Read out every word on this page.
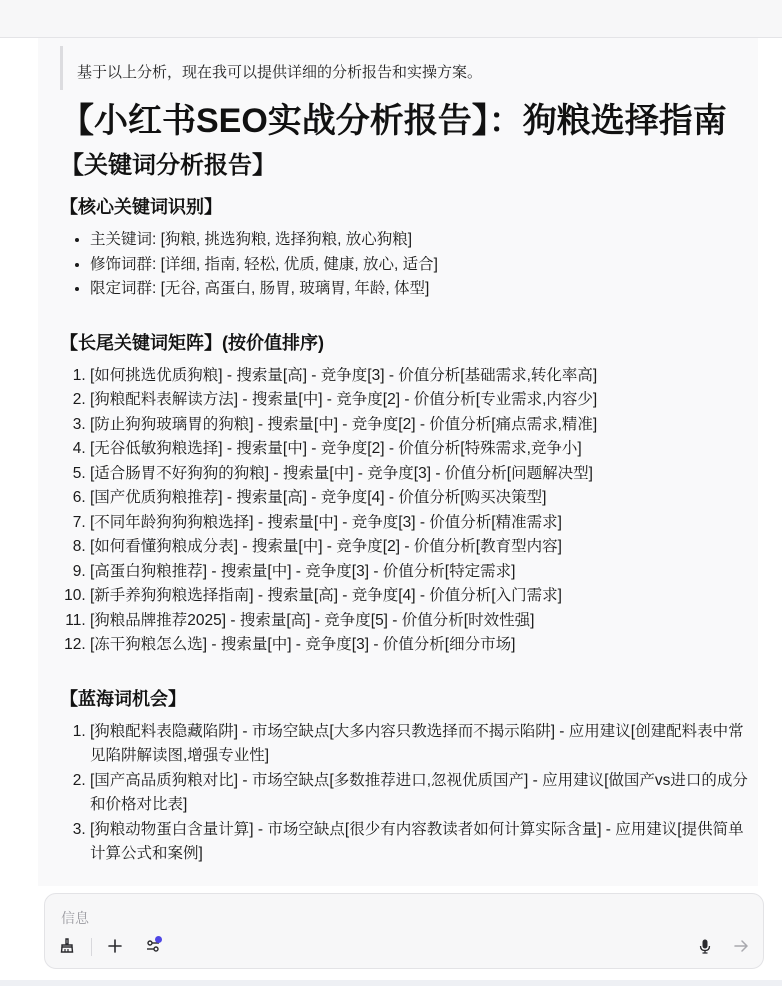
基于以上分析，现在我可以提供详细的分析报告和实操方案。
【小红书SEO实战分析报告】：狗粮选择指南
【关键词分析报告】
【核心关键词识别】
• 主关键词: [狗粮, 挑选狗粮, 选择狗粮, 放心狗粮]
• 修饰词群: [详细, 指南, 轻松, 优质, 健康, 放心, 适合]
• 限定词群: [无谷, 高蛋白, 肠胃, 玻璃胃, 年龄, 体型]
【长尾关键词矩阵】(按价值排序)
1. [如何挑选优质狗粮] - 搜索量[高] - 竞争度[3] - 价值分析[基础需求,转化率高]
2. [狗粮配料表解读方法] - 搜索量[中] - 竞争度[2] - 价值分析[专业需求,内容少]
3. [防止狗狗玻璃胃的狗粮] - 搜索量[中] - 竞争度[2] - 价值分析[痛点需求,精准]
4. [无谷低敏狗粮选择] - 搜索量[中] - 竞争度[2] - 价值分析[特殊需求,竞争小]
5. [适合肠胃不好狗狗的狗粮] - 搜索量[中] - 竞争度[3] - 价值分析[问题解决型]
6. [国产优质狗粮推荐] - 搜索量[高] - 竞争度[4] - 价值分析[购买决策型]
7. [不同年龄狗狗狗粮选择] - 搜索量[中] - 竞争度[3] - 价值分析[精准需求]
8. [如何看懂狗粮成分表] - 搜索量[中] - 竞争度[2] - 价值分析[教育型内容]
9. [高蛋白狗粮推荐] - 搜索量[中] - 竞争度[3] - 价值分析[特定需求]
10. [新手养狗狗粮选择指南] - 搜索量[高] - 竞争度[4] - 价值分析[入门需求]
11. [狗粮品牌推荐2025] - 搜索量[高] - 竞争度[5] - 价值分析[时效性强]
12. [冻干狗粮怎么选] - 搜索量[中] - 竞争度[3] - 价值分析[细分市场]
【蓝海词机会】
1. [狗粮配料表隐藏陷阱] - 市场空缺点[大多内容只教选择而不揭示陷阱] - 应用建议[创建配料表中常见陷阱解读图,增强专业性]
2. [国产高品质狗粮对比] - 市场空缺点[多数推荐进口,忽视优质国产] - 应用建议[做国产vs进口的成分和价格对比表]
3. [狗粮动物蛋白含量计算] - 市场空缺点[很少有内容教读者如何计算实际含量] - 应用建议[提供简单计算公式和案例]
信息
